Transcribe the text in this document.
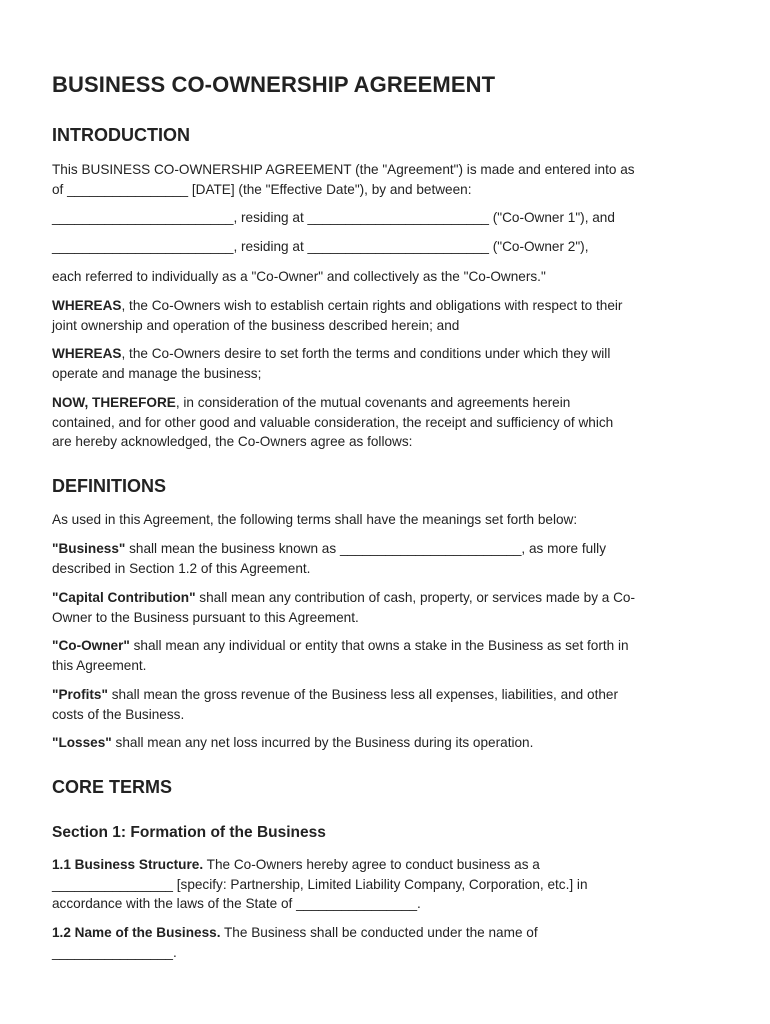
BUSINESS CO-OWNERSHIP AGREEMENT
INTRODUCTION

This BUSINESS CO-OWNERSHIP AGREEMENT (the "Agreement") is made and entered into as
of ________________ [DATE] (the "Effective Date"), by and between:

________________________, residing at ________________________ ("Co-Owner 1"), and

________________________, residing at ________________________ ("Co-Owner 2"),

each referred to individually as a "Co-Owner" and collectively as the "Co-Owners."

WHEREAS, the Co-Owners wish to establish certain rights and obligations with respect to their
joint ownership and operation of the business described herein; and

WHEREAS, the Co-Owners desire to set forth the terms and conditions under which they will
operate and manage the business;

NOW, THEREFORE, in consideration of the mutual covenants and agreements herein
contained, and for other good and valuable consideration, the receipt and sufficiency of which
are hereby acknowledged, the Co-Owners agree as follows:

DEFINITIONS

As used in this Agreement, the following terms shall have the meanings set forth below:

"Business" shall mean the business known as ________________________, as more fully
described in Section 1.2 of this Agreement.

"Capital Contribution" shall mean any contribution of cash, property, or services made by a Co-
Owner to the Business pursuant to this Agreement.

"Co-Owner" shall mean any individual or entity that owns a stake in the Business as set forth in
this Agreement.

"Profits" shall mean the gross revenue of the Business less all expenses, liabilities, and other
costs of the Business.

"Losses" shall mean any net loss incurred by the Business during its operation.

CORE TERMS
Section 1: Formation of the Business

1.1 Business Structure. The Co-Owners hereby agree to conduct business as a
________________ [specify: Partnership, Limited Liability Company, Corporation, etc.] in
accordance with the laws of the State of ________________.

1.2 Name of the Business. The Business shall be conducted under the name of
________________.
